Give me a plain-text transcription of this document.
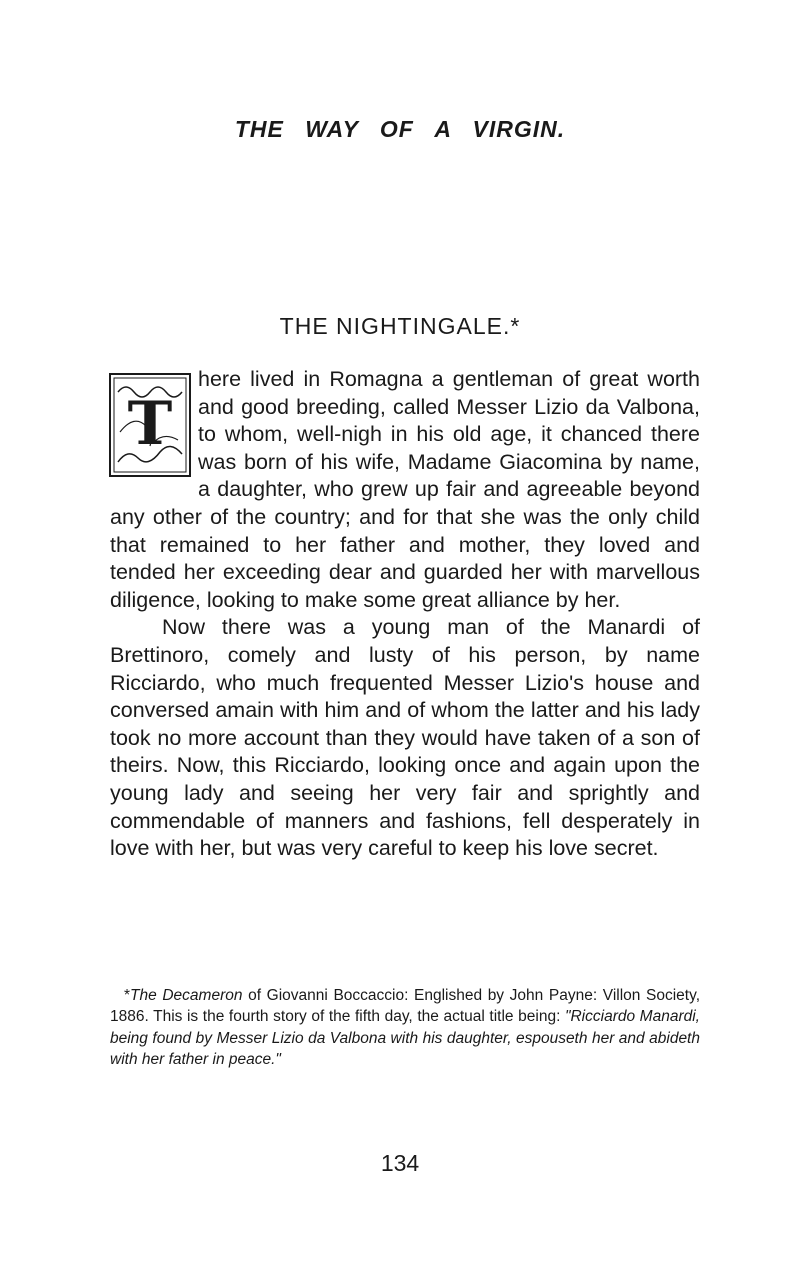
THE WAY OF A VIRGIN.
THE NIGHTINGALE.*
T

here lived in Romagna a gentleman of great worth and good breeding, called Messer Lizio da Valbona, to whom, well-nigh in his old age, it chanced there was born of his wife, Madame Giacomina by name, a daughter, who grew up fair and agreeable beyond any other of the country; and for that she was the only child that remained to her father and mother, they loved and tended her exceeding dear and guarded her with marvellous diligence, looking to make some great alliance by her.

Now there was a young man of the Manardi of Brettinoro, comely and lusty of his person, by name Ricciardo, who much frequented Messer Lizio's house and conversed amain with him and of whom the latter and his lady took no more account than they would have taken of a son of theirs. Now, this Ricciardo, looking once and again upon the young lady and seeing her very fair and sprightly and commendable of manners and fashions, fell desperately in love with her, but was very careful to keep his love secret.

*The Decameron of Giovanni Boccaccio: Englished by John Payne: Villon Society, 1886. This is the fourth story of the fifth day, the actual title being: "Ricciardo Manardi, being found by Messer Lizio da Valbona with his daughter, espouseth her and abideth with her father in peace."

134
